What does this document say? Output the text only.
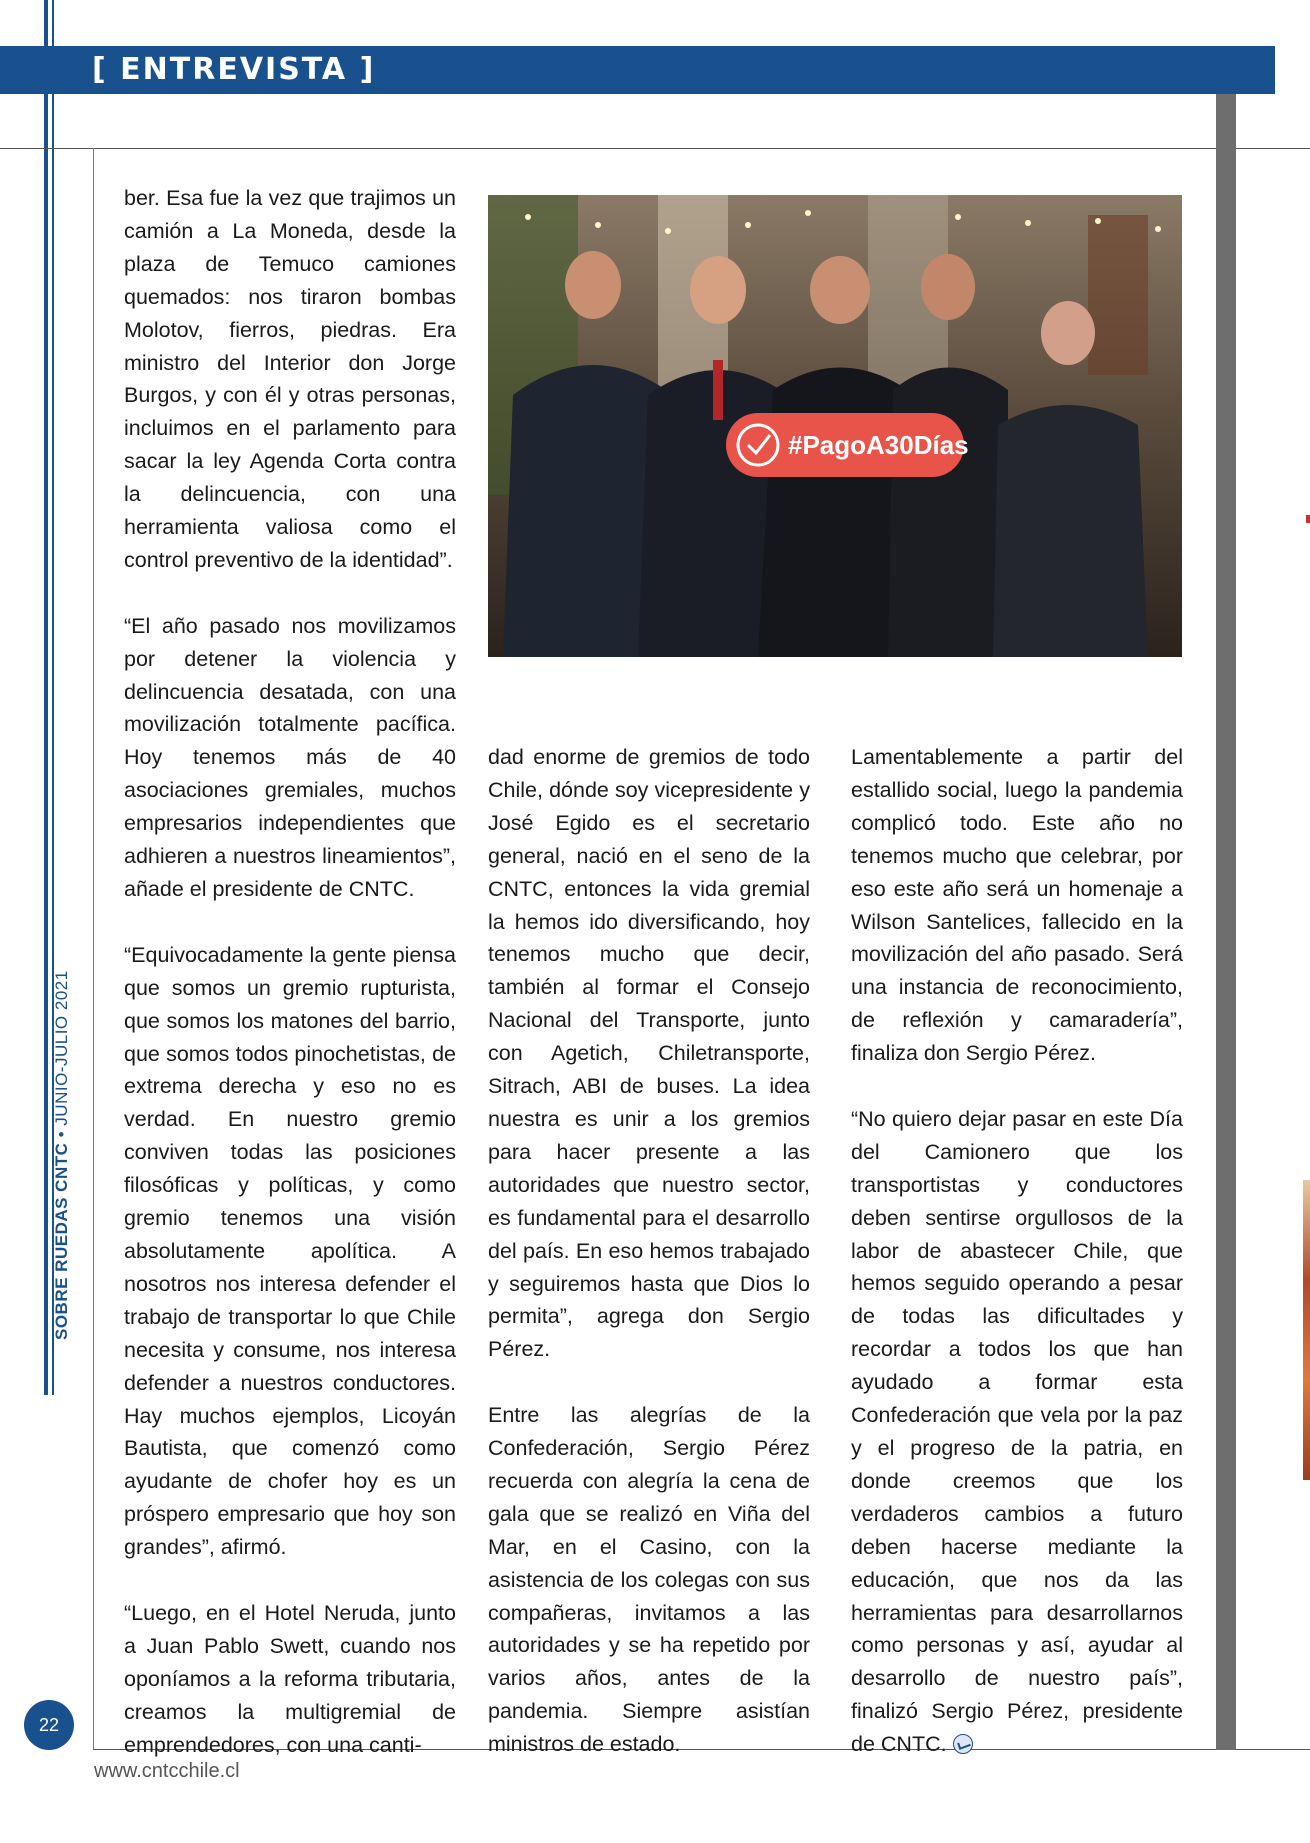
[ ENTREVISTA ]
SOBRE RUEDAS CNTC • JUNIO-JULIO 2021
22
www.cntcchile.cl
#PagoA30Días

ber. Esa fue la vez que trajimos un camión a La Moneda, desde la plaza de Temuco camiones quemados: nos tiraron bombas Molotov, fierros, piedras. Era ministro del Interior don Jorge Burgos, y con él y otras personas, incluimos en el parlamento para sacar la ley Agenda Corta contra la delincuencia, con una herramienta valiosa como el control preventivo de la identidad”.

“El año pasado nos movilizamos por detener la violencia y delincuencia desatada, con una movilización totalmente pacífica. Hoy tenemos más de 40 asociaciones gremiales, muchos empresarios independientes que adhieren a nuestros lineamientos”, añade el presidente de CNTC.

“Equivocadamente la gente piensa que somos un gremio rupturista, que somos los matones del barrio, que somos todos pinochetistas, de extrema derecha y eso no es verdad. En nuestro gremio conviven todas las posiciones filosóficas y políticas, y como gremio tenemos una visión absolutamente apolítica. A nosotros nos interesa defender el trabajo de transportar lo que Chile necesita y consume, nos interesa defender a nuestros conductores. Hay muchos ejemplos, Licoyán Bautista, que comenzó como ayudante de chofer hoy es un próspero empresario que hoy son grandes”, afirmó.

“Luego, en el Hotel Neruda, junto a Juan Pablo Swett, cuando nos oponíamos a la reforma tributaria, creamos la multigremial de emprendedores, con una canti-

dad enorme de gremios de todo Chile, dónde soy vicepresidente y José Egido es el secretario general, nació en el seno de la CNTC, entonces la vida gremial la hemos ido diversificando, hoy tenemos mucho que decir, también al formar el Consejo Nacional del Transporte, junto con Agetich, Chiletransporte, Sitrach, ABI de buses. La idea nuestra es unir a los gremios para hacer presente a las autoridades que nuestro sector, es fundamental para el desarrollo del país. En eso hemos trabajado y seguiremos hasta que Dios lo permita”, agrega don Sergio Pérez.

Entre las alegrías de la Confederación, Sergio Pérez recuerda con alegría la cena de gala que se realizó en Viña del Mar, en el Casino, con la asistencia de los colegas con sus compañeras, invitamos a las autoridades y se ha repetido por varios años, antes de la pandemia. Siempre asistían ministros de estado.

Lamentablemente a partir del estallido social, luego la pandemia complicó todo. Este año no tenemos mucho que celebrar, por eso este año será un homenaje a Wilson Santelices, fallecido en la movilización del año pasado. Será una instancia de reconocimiento, de reflexión y camaradería”, finaliza don Sergio Pérez.

“No quiero dejar pasar en este Día del Camionero que los transportistas y conductores deben sentirse orgullosos de la labor de abastecer Chile, que hemos seguido operando a pesar de todas las dificultades y recordar a todos los que han ayudado a formar esta Confederación que vela por la paz y el progreso de la patria, en donde creemos que los verdaderos cambios a futuro deben hacerse mediante la educación, que nos da las herramientas para desarrollarnos como personas y así, ayudar al desarrollo de nuestro país”, finalizó Sergio Pérez, presidente de CNTC.
